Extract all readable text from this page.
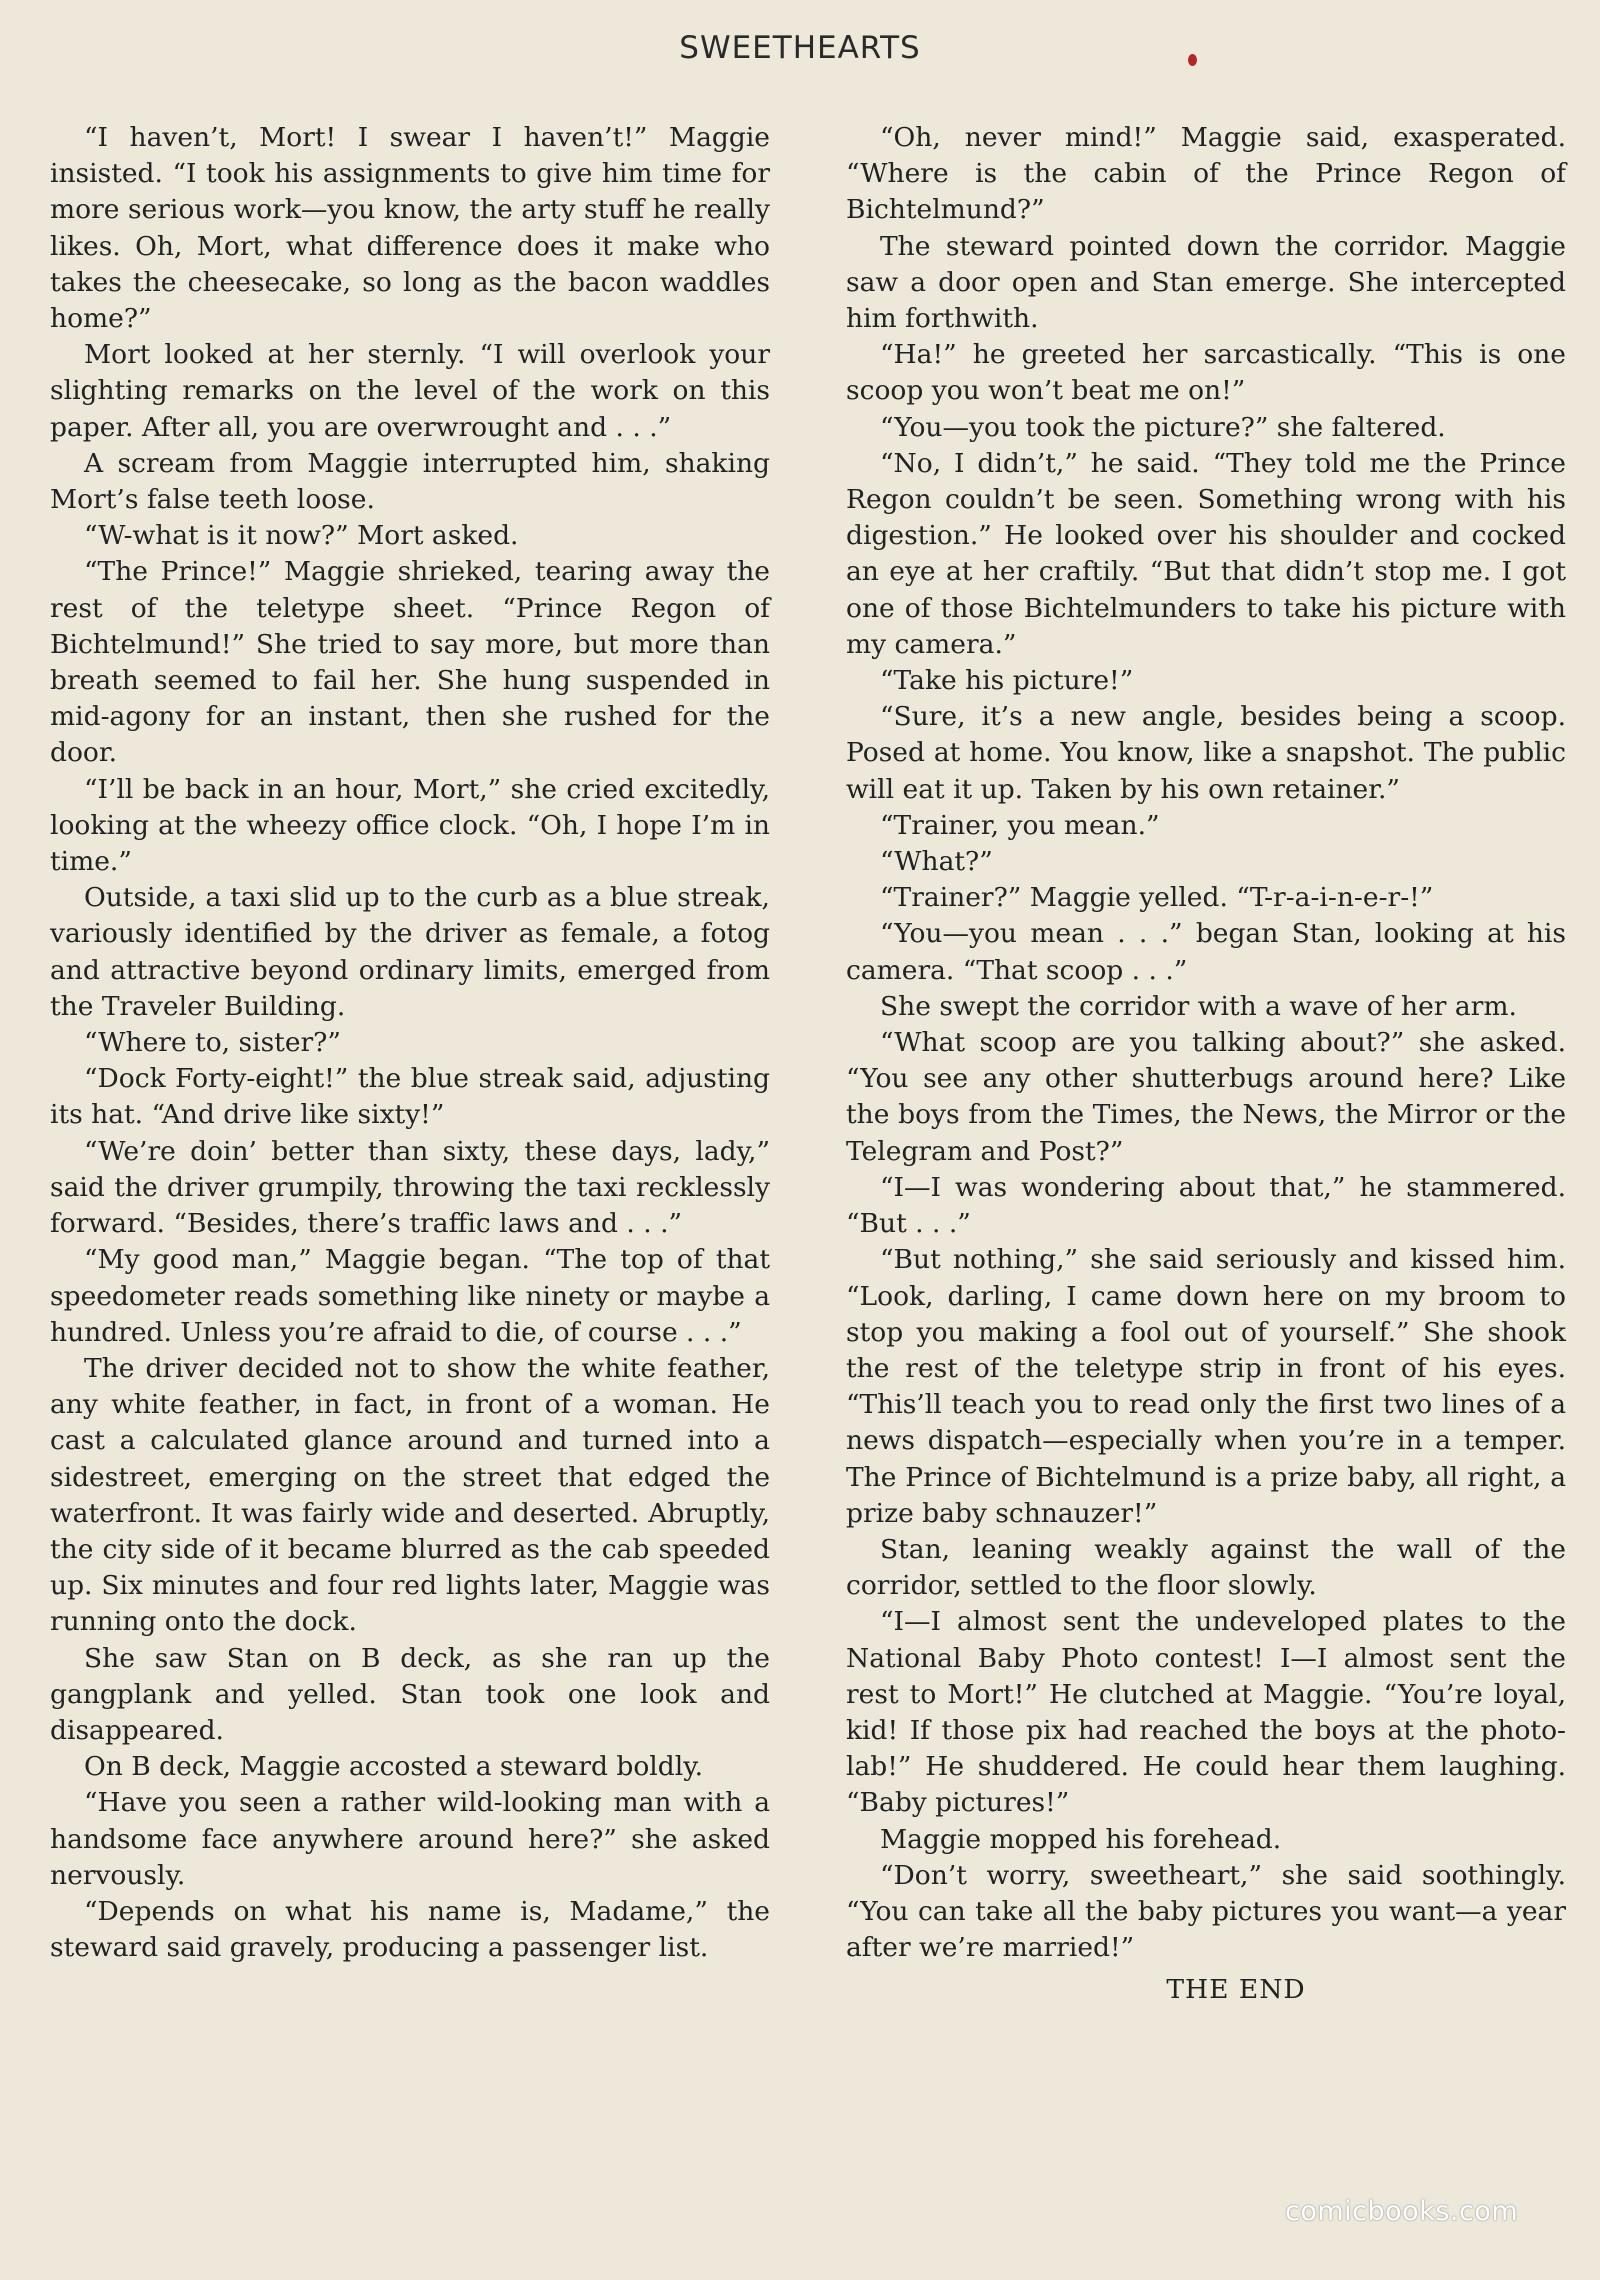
SWEETHEARTS

“I haven’t, Mort! I swear I haven’t!” Maggie insisted. “I took his assignments to give him time for more serious work—you know, the arty stuff he really likes. Oh, Mort, what difference does it make who takes the cheesecake, so long as the bacon waddles home?”

Mort looked at her sternly. “I will overlook your slighting remarks on the level of the work on this paper. After all, you are overwrought and . . .”

A scream from Maggie interrupted him, shaking Mort’s false teeth loose.

“W-what is it now?” Mort asked.

“The Prince!” Maggie shrieked, tearing away the rest of the teletype sheet. “Prince Regon of Bichtelmund!” She tried to say more, but more than breath seemed to fail her. She hung suspended in mid-agony for an instant, then she rushed for the door.

“I’ll be back in an hour, Mort,” she cried excitedly, looking at the wheezy office clock. “Oh, I hope I’m in time.”

Outside, a taxi slid up to the curb as a blue streak, variously identified by the driver as female, a fotog and attractive beyond ordinary limits, emerged from the Traveler Building.

“Where to, sister?”

“Dock Forty-eight!” the blue streak said, adjusting its hat. “And drive like sixty!”

“We’re doin’ better than sixty, these days, lady,” said the driver grumpily, throwing the taxi recklessly forward. “Besides, there’s traffic laws and . . .”

“My good man,” Maggie began. “The top of that speedometer reads something like ninety or maybe a hundred. Unless you’re afraid to die, of course . . .”

The driver decided not to show the white feather, any white feather, in fact, in front of a woman. He cast a calculated glance around and turned into a sidestreet, emerging on the street that edged the waterfront. It was fairly wide and deserted. Abruptly, the city side of it became blurred as the cab speeded up. Six minutes and four red lights later, Maggie was running onto the dock.

She saw Stan on B deck, as she ran up the gangplank and yelled. Stan took one look and disappeared.

On B deck, Maggie accosted a steward boldly.

“Have you seen a rather wild-looking man with a handsome face anywhere around here?” she asked nervously.

“Depends on what his name is, Madame,” the steward said gravely, producing a passenger list.

“Oh, never mind!” Maggie said, exasperated. “Where is the cabin of the Prince Regon of Bichtelmund?”

The steward pointed down the corridor. Maggie saw a door open and Stan emerge. She intercepted him forthwith.

“Ha!” he greeted her sarcastically. “This is one scoop you won’t beat me on!”

“You—you took the picture?” she faltered.

“No, I didn’t,” he said. “They told me the Prince Regon couldn’t be seen. Something wrong with his digestion.” He looked over his shoulder and cocked an eye at her craftily. “But that didn’t stop me. I got one of those Bichtelmunders to take his picture with my camera.”

“Take his picture!”

“Sure, it’s a new angle, besides being a scoop. Posed at home. You know, like a snapshot. The public will eat it up. Taken by his own retainer.”

“Trainer, you mean.”

“What?”

“Trainer?” Maggie yelled. “T-r-a-i-n-e-r-!”

“You—you mean . . .” began Stan, looking at his camera. “That scoop . . .”

She swept the corridor with a wave of her arm.

“What scoop are you talking about?” she asked. “You see any other shutterbugs around here? Like the boys from the Times, the News, the Mirror or the Telegram and Post?”

“I—I was wondering about that,” he stammered. “But . . .”

“But nothing,” she said seriously and kissed him. “Look, darling, I came down here on my broom to stop you making a fool out of yourself.” She shook the rest of the teletype strip in front of his eyes. “This’ll teach you to read only the first two lines of a news dispatch—especially when you’re in a temper. The Prince of Bichtelmund is a prize baby, all right, a prize baby schnauzer!”

Stan, leaning weakly against the wall of the corridor, settled to the floor slowly.

“I—I almost sent the undeveloped plates to the National Baby Photo contest! I—I almost sent the rest to Mort!” He clutched at Maggie. “You’re loyal, kid! If those pix had reached the boys at the photo-lab!” He shuddered. He could hear them laughing. “Baby pictures!”

Maggie mopped his forehead.

“Don’t worry, sweetheart,” she said soothingly. “You can take all the baby pictures you want—a year after we’re married!”

THE END

comicbooks.com
